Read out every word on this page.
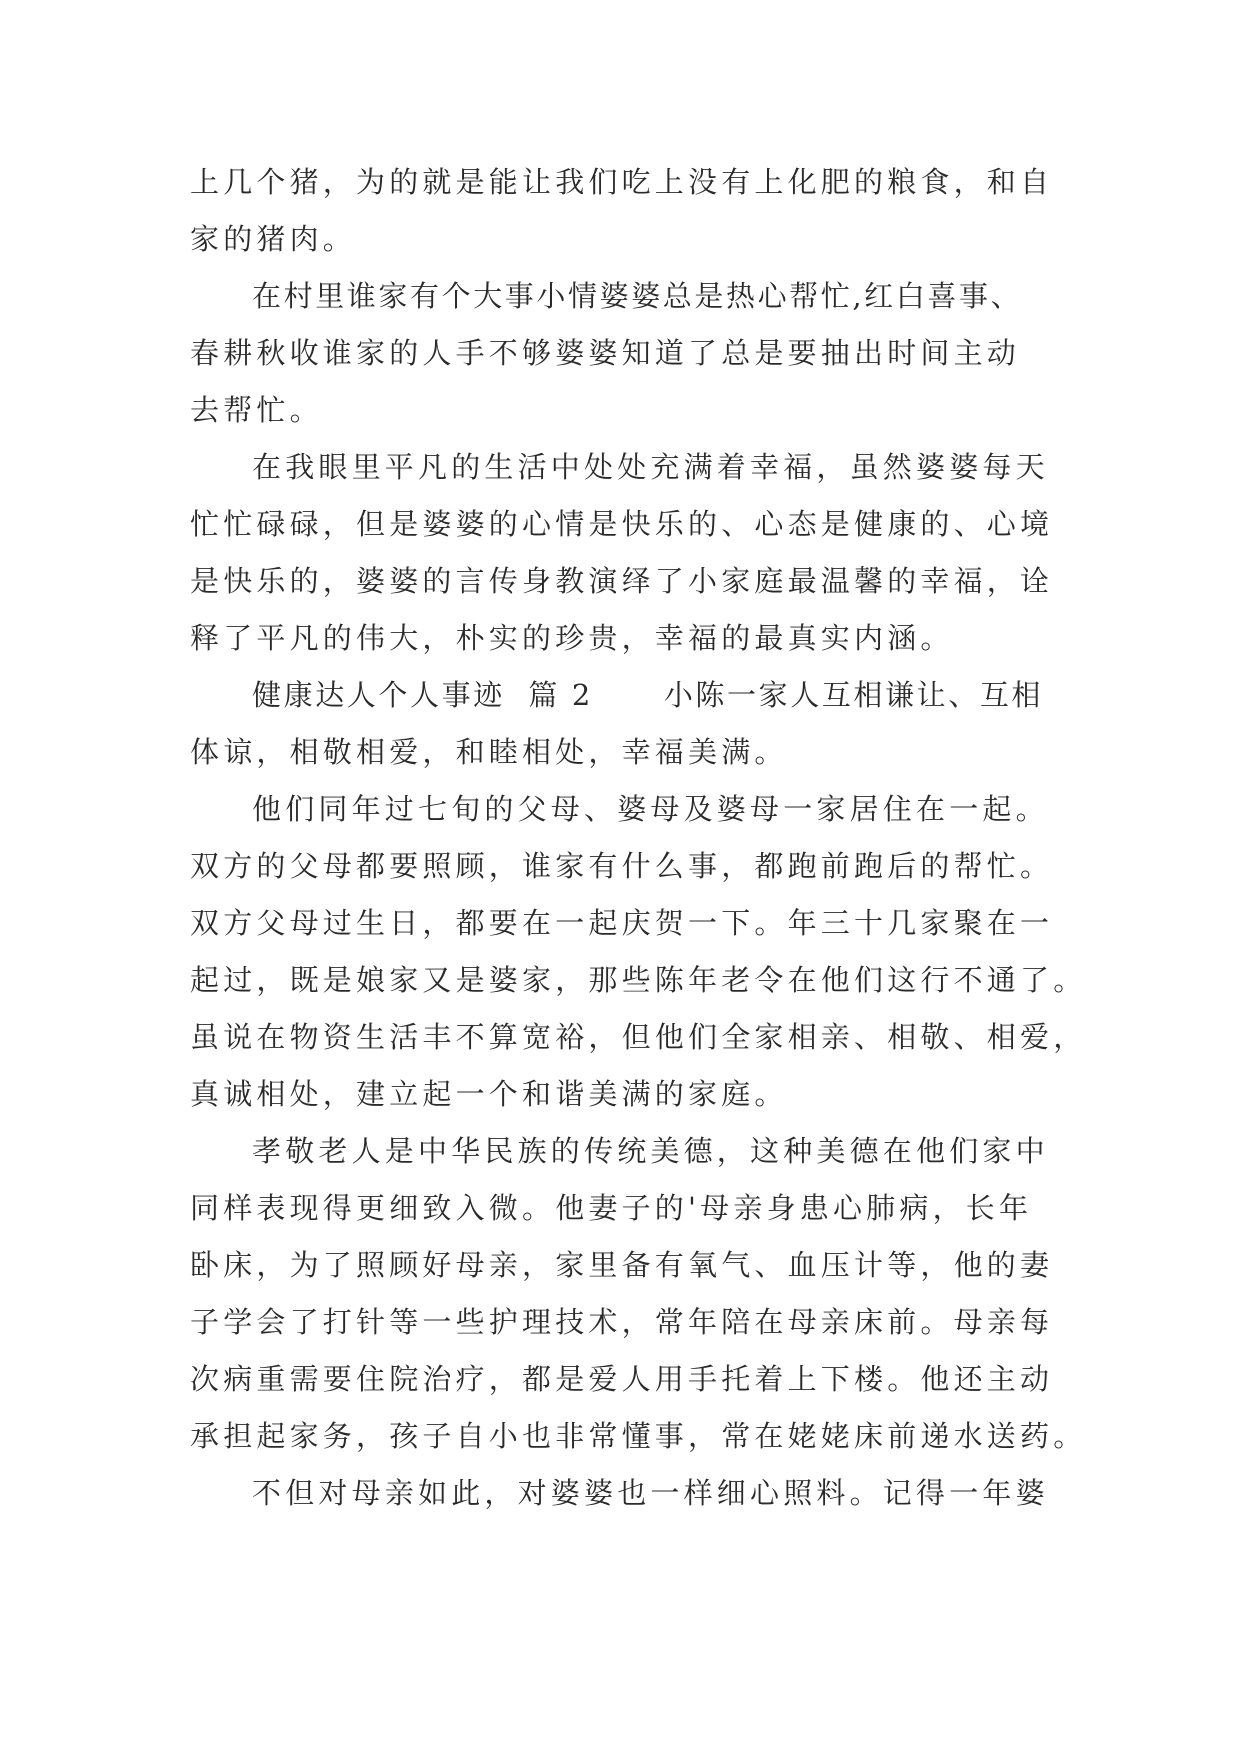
上几个猪，为的就是能让我们吃上没有上化肥的粮食，和自
家的猪肉。
在村里谁家有个大事小情婆婆总是热心帮忙,红白喜事、
春耕秋收谁家的人手不够婆婆知道了总是要抽出时间主动
去帮忙。
在我眼里平凡的生活中处处充满着幸福，虽然婆婆每天
忙忙碌碌，但是婆婆的心情是快乐的、心态是健康的、心境
是快乐的，婆婆的言传身教演绎了小家庭最温馨的幸福，诠
释了平凡的伟大，朴实的珍贵，幸福的最真实内涵。
健康达人个人事迹  篇 2      小陈一家人互相谦让、互相
体谅，相敬相爱，和睦相处，幸福美满。
他们同年过七旬的父母、婆母及婆母一家居住在一起。
双方的父母都要照顾，谁家有什么事，都跑前跑后的帮忙。
双方父母过生日，都要在一起庆贺一下。年三十几家聚在一
起过，既是娘家又是婆家，那些陈年老令在他们这行不通了。
虽说在物资生活丰不算宽裕，但他们全家相亲、相敬、相爱，
真诚相处，建立起一个和谐美满的家庭。
孝敬老人是中华民族的传统美德，这种美德在他们家中
同样表现得更细致入微。他妻子的'母亲身患心肺病，长年
卧床，为了照顾好母亲，家里备有氧气、血压计等，他的妻
子学会了打针等一些护理技术，常年陪在母亲床前。母亲每
次病重需要住院治疗，都是爱人用手托着上下楼。他还主动
承担起家务，孩子自小也非常懂事，常在姥姥床前递水送药。
不但对母亲如此，对婆婆也一样细心照料。记得一年婆
